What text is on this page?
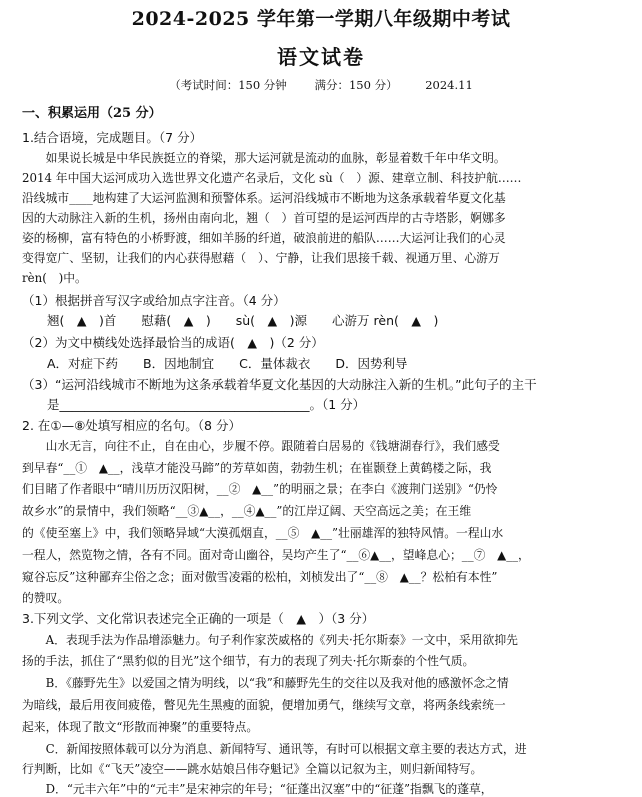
2024-2025 学年第一学期八年级期中考试
语文试卷
（考试时间：150 分钟 满分：150 分） 2024.11
一、积累运用（25 分）
1.结合语境，完成题目。（7 分）
　　如果说长城是中华民族挺立的脊梁，那大运河就是流动的血脉，彰显着数千年中华文明。
2014 年中国大运河成功入选世界文化遗产名录后，文化 sù（　）源、建章立制、科技护航……
沿线城市____地构建了大运河监测和预警体系。运河沿线城市不断地为这条承载着华夏文化基
因的大动脉注入新的生机，扬州由南向北，翘（　）首可望的是运河西岸的古寺塔影，婀娜多
姿的杨柳，富有特色的小桥野渡，细如羊肠的纤道，破浪前进的船队……大运河让我们的心灵
变得宽广、坚韧，让我们的内心获得慰藉（　）、宁静，让我们思接千载、视通万里、心游万
rèn(　)中。
（1）根据拼音写汉字或给加点字注音。（4 分）
　　翘(　▲　)首　　慰藉(　▲　)　　sù(　▲　)源　　心游万 rèn(　▲　)
（2）为文中横线处选择最恰当的成语(　▲　)（2 分）
　　A．对症下药　　B．因地制宜　　C．量体裁衣　　D．因势利导
（3）“运河沿线城市不断地为这条承载着华夏文化基因的大动脉注入新的生机。”此句子的主干
　　是________________________________________。（1 分）
2. 在①—⑧处填写相应的名句。（8 分）
　　山水无言，向往不止，自在由心，步履不停。跟随着白居易的《钱塘湖春行》，我们感受
到早春“__①　▲__，浅草才能没马蹄”的芳草如茵，勃勃生机；在崔颢登上黄鹤楼之际，我
们目睹了作者眼中“晴川历历汉阳树，__②　▲__”的明丽之景；在李白《渡荆门送别》“仍怜
故乡水”的景情中，我们领略“__③▲__，__④▲__”的江岸辽阔、天空高远之美；在王维
的《使至塞上》中，我们领略异域“大漠孤烟直，__⑤　▲__”壮丽雄浑的独特风情。一程山水
一程人，然览物之情，各有不同。面对奇山幽谷，吴均产生了“__⑥▲__，望峰息心；__⑦　▲__，
窥谷忘反”这种鄙弃尘俗之念；面对傲雪凌霜的松柏，刘桢发出了“__⑧　▲__？松柏有本性”
的赞叹。
3.下列文学、文化常识表述完全正确的一项是（　▲　）（3 分）
　　A．表现手法为作品增添魅力。句子利作家茨威格的《列夫·托尔斯泰》一文中，采用欲抑先
扬的手法，抓住了“黑豹似的目光”这个细节，有力的表现了列夫·托尔斯泰的个性气质。
　　B．《藤野先生》以爱国之情为明线，以“我”和藤野先生的交往以及我对他的感激怀念之情
为暗线，最后用夜间疲倦，瞥见先生黑瘦的面貌，便增加勇气，继续写文章，将两条线索统一
起来，体现了散文“形散而神聚”的重要特点。
　　C．新闻按照体载可以分为消息、新闻特写、通讯等，有时可以根据文章主要的表达方式，进
行判断，比如《“飞天”凌空——跳水姑娘吕伟夺魁记》全篇以记叙为主，则归新闻特写。
　　D．“元丰六年”中的“元丰”是宋神宗的年号；“征蓬出汉塞”中的“征蓬”指飘飞的蓬草，
